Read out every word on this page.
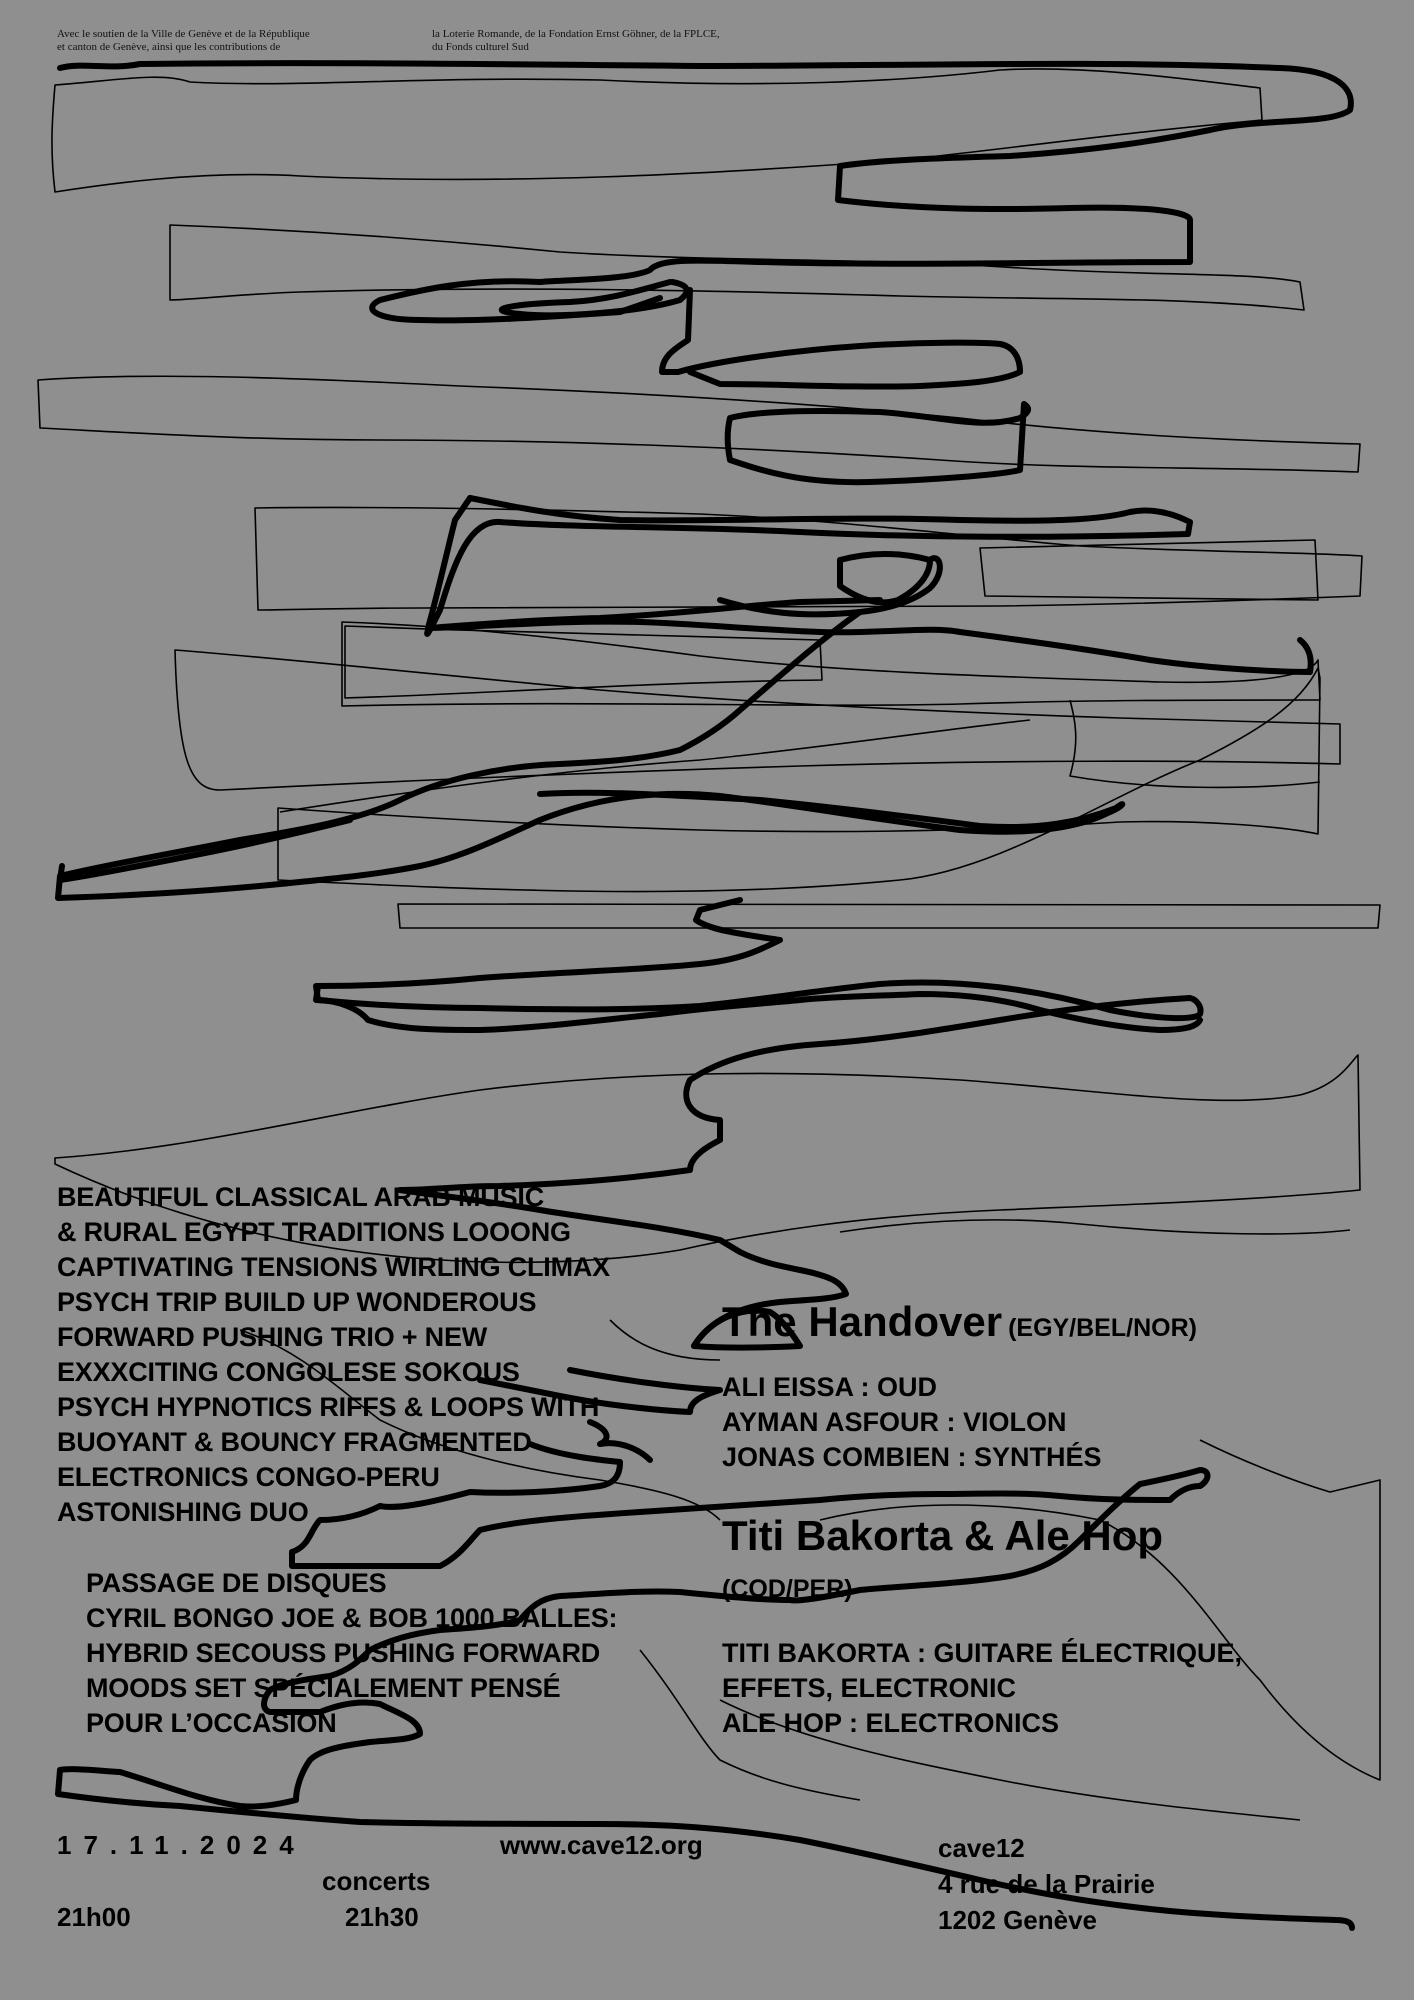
Avec le soutien de la Ville de Genève et de la République
et canton de Genève, ainsi que les contributions de
la Loterie Romande, de la Fondation Ernst Göhner, de la FPLCE,
du Fonds culturel Sud
BEAUTIFUL CLASSICAL ARAB MUSIC
& RURAL EGYPT TRADITIONS LOOONG
CAPTIVATING TENSIONS WIRLING CLIMAX
PSYCH TRIP BUILD UP WONDEROUS
FORWARD PUSHING TRIO + NEW
EXXXCITING CONGOLESE SOKOUS
PSYCH HYPNOTICS RIFFS & LOOPS WITH
BUOYANT & BOUNCY FRAGMENTED
ELECTRONICS CONGO-PERU
ASTONISHING DUO
PASSAGE DE DISQUES
CYRIL BONGO JOE & BOB 1000 BALLES:
HYBRID SECOUSS PUSHING FORWARD
MOODS SET SPÉCIALEMENT PENSÉ
POUR L’OCCASION
The Handover (EGY/BEL/NOR)
ALI EISSA : OUD
AYMAN ASFOUR : VIOLON
JONAS COMBIEN : SYNTHÉS
Titi Bakorta & Ale Hop
(COD/PER)
TITI BAKORTA : GUITARE ÉLECTRIQUE,
EFFETS, ELECTRONIC
ALE HOP : ELECTRONICS
17.11.2024
concerts
21h00	21h30
www.cave12.org	cave12
4 rue de la Prairie
1202 Genève
